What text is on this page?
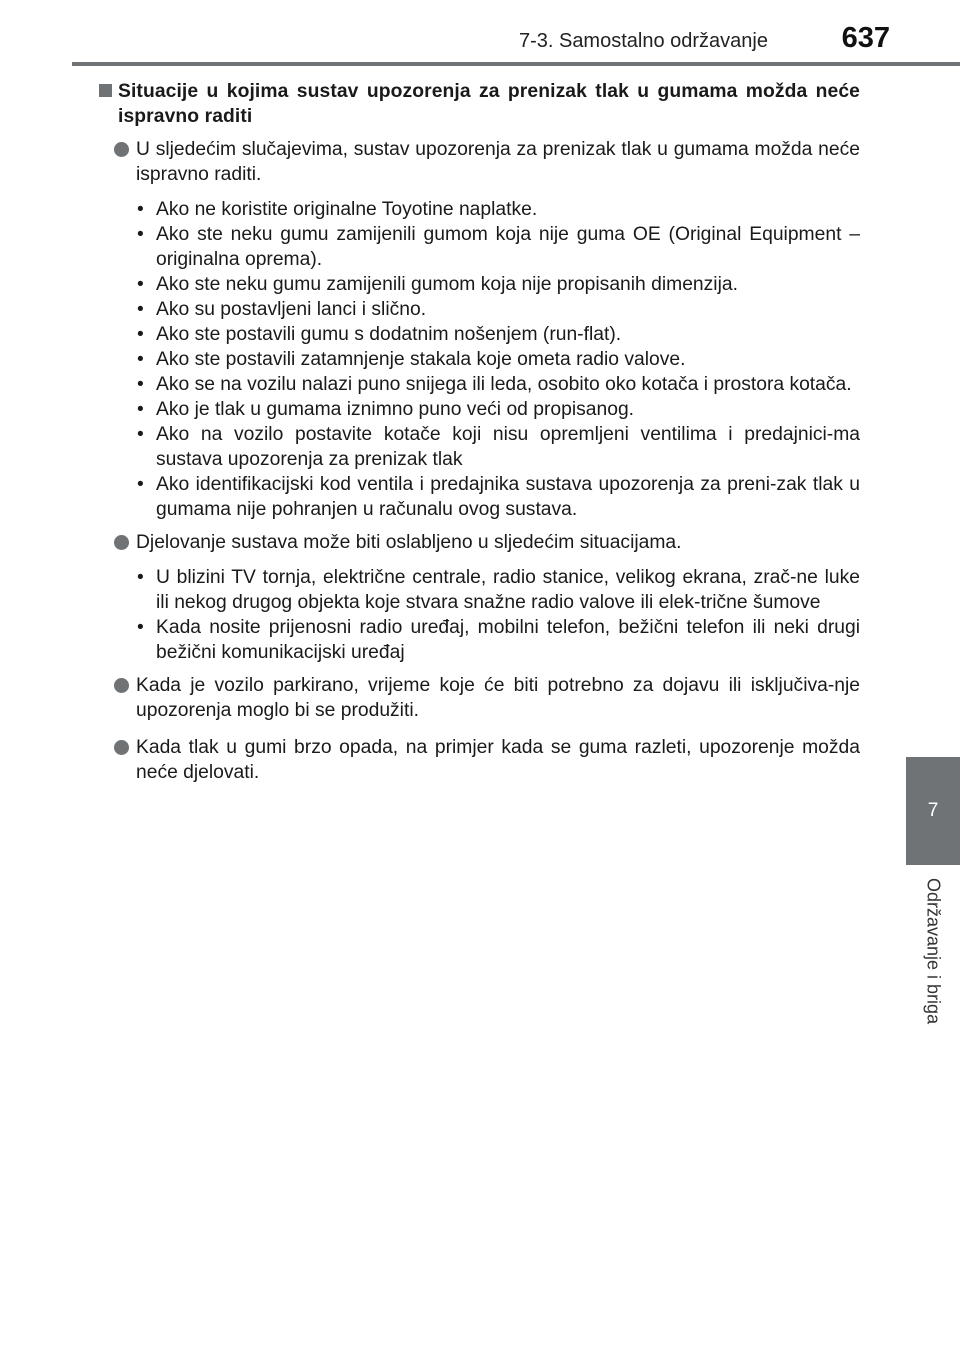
7-3. Samostalno održavanje	637
7
Održavanje i briga
Situacije u kojima sustav upozorenja za prenizak tlak u gumama možda neće ispravno raditi
U sljedećim slučajevima, sustav upozorenja za prenizak tlak u gumama možda neće ispravno raditi.
• Ako ne koristite originalne Toyotine naplatke.
• Ako ste neku gumu zamijenili gumom koja nije guma OE (Original Equipment – originalna oprema).
• Ako ste neku gumu zamijenili gumom koja nije propisanih dimenzija.
• Ako su postavljeni lanci i slično.
• Ako ste postavili gumu s dodatnim nošenjem (run-flat).
• Ako ste postavili zatamnjenje stakala koje ometa radio valove.
• Ako se na vozilu nalazi puno snijega ili leda, osobito oko kotača i prostora kotača.
• Ako je tlak u gumama iznimno puno veći od propisanog.
• Ako na vozilo postavite kotače koji nisu opremljeni ventilima i predajnici-ma sustava upozorenja za prenizak tlak
• Ako identifikacijski kod ventila i predajnika sustava upozorenja za preni-zak tlak u gumama nije pohranjen u računalu ovog sustava.
Djelovanje sustava može biti oslabljeno u sljedećim situacijama.
• U blizini TV tornja, električne centrale, radio stanice, velikog ekrana, zrač-ne luke ili nekog drugog objekta koje stvara snažne radio valove ili elek-trične šumove
• Kada nosite prijenosni radio uređaj, mobilni telefon, bežični telefon ili neki drugi bežični komunikacijski uređaj
Kada je vozilo parkirano, vrijeme koje će biti potrebno za dojavu ili isključiva-nje upozorenja moglo bi se produžiti.
Kada tlak u gumi brzo opada, na primjer kada se guma razleti, upozorenje možda neće djelovati.
